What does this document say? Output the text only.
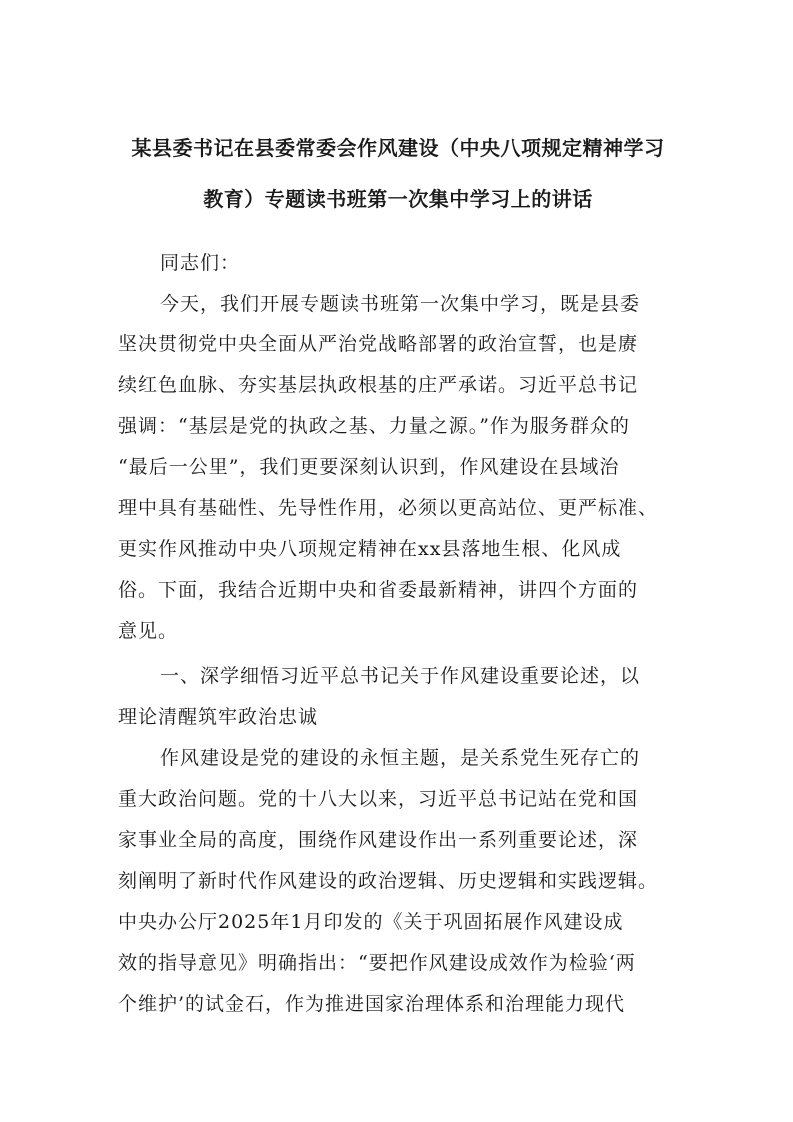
某县委书记在县委常委会作风建设（中央八项规定精神学习
教育）专题读书班第一次集中学习上的讲话
同志们：
今天，我们开展专题读书班第一次集中学习，既是县委
坚决贯彻党中央全面从严治党战略部署的政治宣誓，也是赓
续红色血脉、夯实基层执政根基的庄严承诺。习近平总书记
强调：“基层是党的执政之基、力量之源。”作为服务群众的
“最后一公里”，我们更要深刻认识到，作风建设在县域治
理中具有基础性、先导性作用，必须以更高站位、更严标准、
更实作风推动中央八项规定精神在xx县落地生根、化风成
俗。下面，我结合近期中央和省委最新精神，讲四个方面的
意见。
一、深学细悟习近平总书记关于作风建设重要论述，以
理论清醒筑牢政治忠诚
作风建设是党的建设的永恒主题，是关系党生死存亡的
重大政治问题。党的十八大以来，习近平总书记站在党和国
家事业全局的高度，围绕作风建设作出一系列重要论述，深
刻阐明了新时代作风建设的政治逻辑、历史逻辑和实践逻辑。
中央办公厅2025年1月印发的《关于巩固拓展作风建设成
效的指导意见》明确指出：“要把作风建设成效作为检验‘两
个维护’的试金石，作为推进国家治理体系和治理能力现代
